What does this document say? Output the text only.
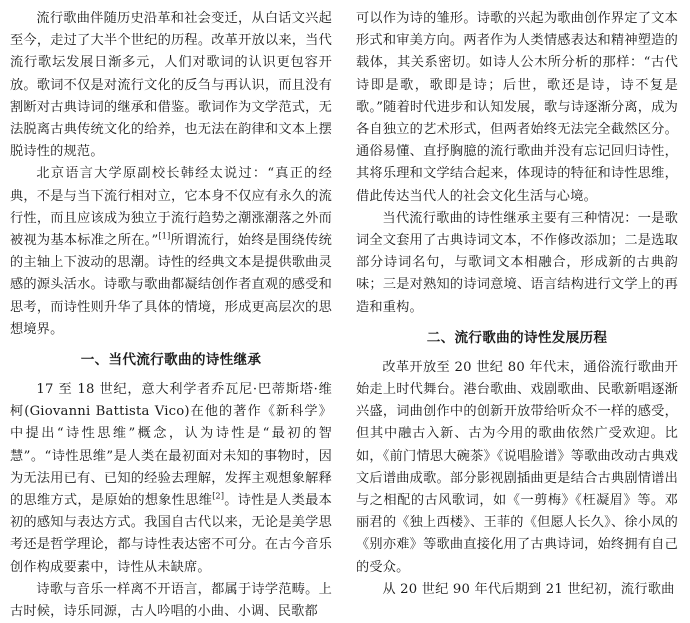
流行歌曲伴随历史沿革和社会变迁，从白话文兴起至今，走过了大半个世纪的历程。改革开放以来，当代流行歌坛发展日渐多元，人们对歌词的认识更包容开放。歌词不仅是对流行文化的反刍与再认识，而且没有割断对古典诗词的继承和借鉴。歌词作为文学范式，无法脱离古典传统文化的给养，也无法在韵律和文本上摆脱诗性的规范。

北京语言大学原副校长韩经太说过：“真正的经典，不是与当下流行相对立，它本身不仅应有永久的流行性，而且应该成为独立于流行趋势之潮涨潮落之外而被视为基本标准之所在。”[1]所谓流行，始终是围绕传统的主轴上下波动的思潮。诗性的经典文本是提供歌曲灵感的源头活水。诗歌与歌曲都凝结创作者直观的感受和思考，而诗性则升华了具体的情境，形成更高层次的思想境界。

一、当代流行歌曲的诗性继承

17 至 18 世纪，意大利学者乔瓦尼·巴蒂斯塔·维柯(Giovanni Battista Vico)在他的著作《新科学》中提出“诗性思维”概念，认为诗性是“最初的智慧”。“诗性思维”是人类在最初面对未知的事物时，因为无法用已有、已知的经验去理解，发挥主观想象解释的思维方式，是原始的想象性思维[2]。诗性是人类最本初的感知与表达方式。我国自古代以来，无论是美学思考还是哲学理论，都与诗性表达密不可分。在古今音乐创作构成要素中，诗性从未缺席。

诗歌与音乐一样离不开语言，都属于诗学范畴。上古时候，诗乐同源，古人吟唱的小曲、小调、民歌都

可以作为诗的雏形。诗歌的兴起为歌曲创作界定了文本形式和审美方向。两者作为人类情感表达和精神塑造的载体，其关系密切。如诗人公木所分析的那样：“古代诗即是歌，歌即是诗；后世，歌还是诗，诗不复是歌。”随着时代进步和认知发展，歌与诗逐渐分离，成为各自独立的艺术形式，但两者始终无法完全截然区分。通俗易懂、直抒胸臆的流行歌曲并没有忘记回归诗性，其将乐理和文学结合起来，体现诗的特征和诗性思维，借此传达当代人的社会文化生活与心境。

当代流行歌曲的诗性继承主要有三种情况：一是歌词全文套用了古典诗词文本，不作修改添加；二是选取部分诗词名句，与歌词文本相融合，形成新的古典韵味；三是对熟知的诗词意境、语言结构进行文学上的再造和重构。

二、流行歌曲的诗性发展历程

改革开放至 20 世纪 80 年代末，通俗流行歌曲开始走上时代舞台。港台歌曲、戏剧歌曲、民歌新唱逐渐兴盛，词曲创作中的创新开放带给听众不一样的感受，但其中融古入新、古为今用的歌曲依然广受欢迎。比如，《前门情思大碗茶》《说唱脸谱》等歌曲改动古典戏文后谱曲成歌。部分影视剧插曲更是结合古典剧情谱出与之相配的古风歌词，如《一剪梅》《枉凝眉》等。邓丽君的《独上西楼》、王菲的《但愿人长久》、徐小凤的《别亦难》等歌曲直接化用了古典诗词，始终拥有自己的受众。

从 20 世纪 90 年代后期到 21 世纪初，流行歌曲
